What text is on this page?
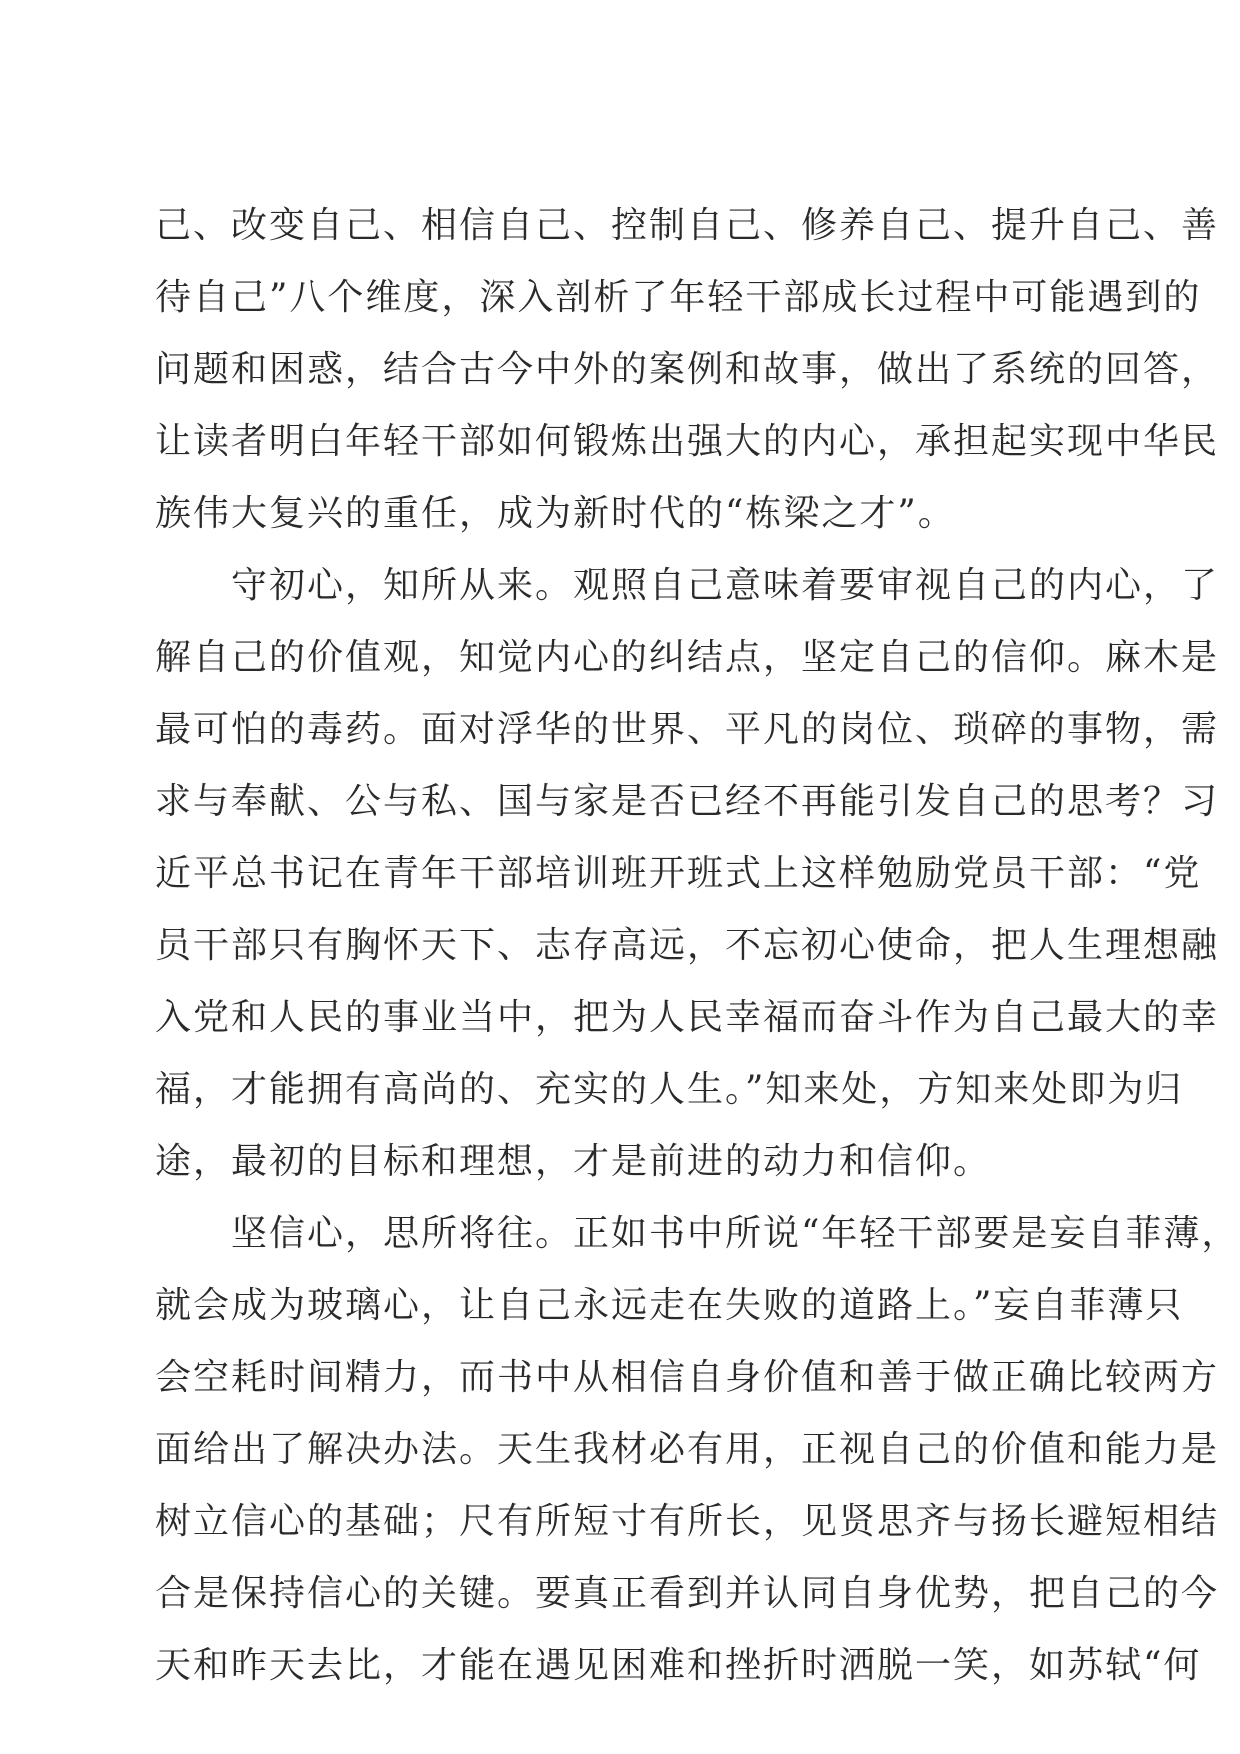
己、改变自己、相信自己、控制自己、修养自己、提升自己、善
待自己”八个维度，深入剖析了年轻干部成长过程中可能遇到的
问题和困惑，结合古今中外的案例和故事，做出了系统的回答，
让读者明白年轻干部如何锻炼出强大的内心，承担起实现中华民
族伟大复兴的重任，成为新时代的“栋梁之才”。
　　守初心，知所从来。观照自己意味着要审视自己的内心，了
解自己的价值观，知觉内心的纠结点，坚定自己的信仰。麻木是
最可怕的毒药。面对浮华的世界、平凡的岗位、琐碎的事物，需
求与奉献、公与私、国与家是否已经不再能引发自己的思考？习
近平总书记在青年干部培训班开班式上这样勉励党员干部：“党
员干部只有胸怀天下、志存高远，不忘初心使命，把人生理想融
入党和人民的事业当中，把为人民幸福而奋斗作为自己最大的幸
福，才能拥有高尚的、充实的人生。”知来处，方知来处即为归
途，最初的目标和理想，才是前进的动力和信仰。
　　坚信心，思所将往。正如书中所说“年轻干部要是妄自菲薄，
就会成为玻璃心，让自己永远走在失败的道路上。”妄自菲薄只
会空耗时间精力，而书中从相信自身价值和善于做正确比较两方
面给出了解决办法。天生我材必有用，正视自己的价值和能力是
树立信心的基础；尺有所短寸有所长，见贤思齐与扬长避短相结
合是保持信心的关键。要真正看到并认同自身优势，把自己的今
天和昨天去比，才能在遇见困难和挫折时洒脱一笑，如苏轼“何
